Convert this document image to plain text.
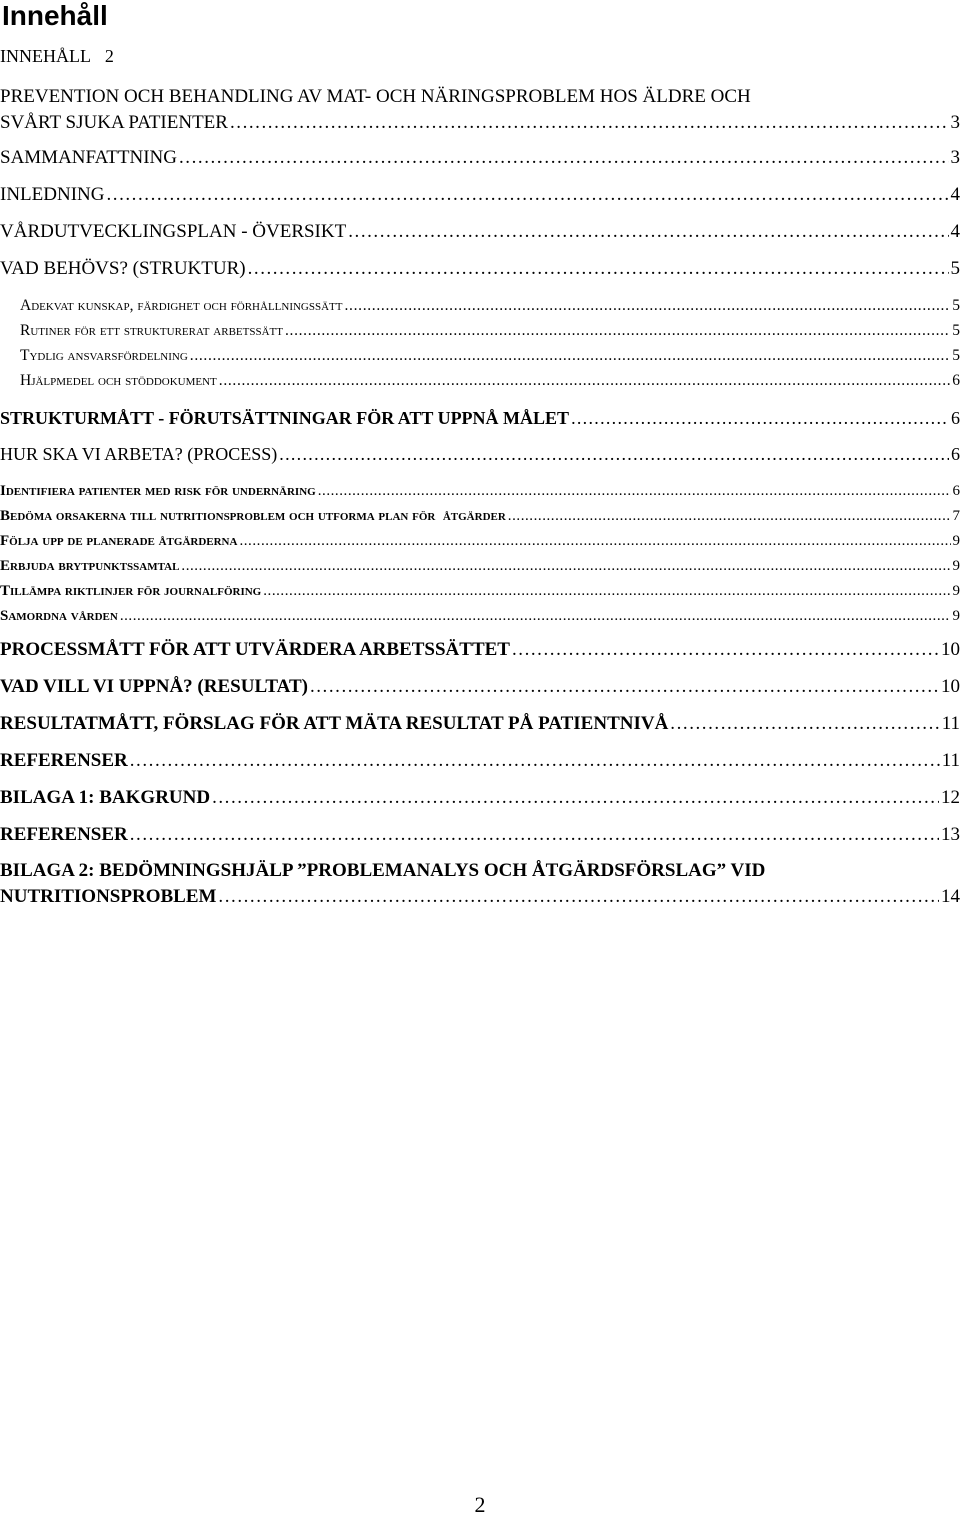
Innehåll
INNEHÅLL 2
PREVENTION OCH BEHANDLING AV MAT- OCH NÄRINGSPROBLEM HOS ÄLDRE OCH
SVÅRT SJUKA PATIENTER . . .	3
SAMMANFATTNING . . .	3
INLEDNING . . .	4
VÅRDUTVECKLINGSPLAN - ÖVERSIKT . . .	4
VAD BEHÖVS? (STRUKTUR) . . .	5
Adekvat kunskap, färdighet och förhållningssätt . . .	5
Rutiner för ett strukturerat arbetssätt . . .	5
Tydlig ansvarsfördelning . . .	5
Hjälpmedel och stöddokument . . .	6
STRUKTURMÅTT - FÖRUTSÄTTNINGAR FÖR ATT UPPNÅ MÅLET . . .	6
HUR SKA VI ARBETA? (PROCESS) . . .	6
Identifiera patienter med risk för undernäring . . .	6
Bedöma orsakerna till nutritionsproblem och utforma plan för  åtgärder . . .	7
Följa upp de planerade åtgärderna . . .	9
Erbjuda brytpunktssamtal . . .	9
Tillämpa riktlinjer för journalföring . . .	9
Samordna vården . . .	9
PROCESSMÅTT FÖR ATT UTVÄRDERA ARBETSSÄTTET . . .	10
VAD VILL VI UPPNÅ? (RESULTAT) . . .	10
RESULTATMÅTT, FÖRSLAG FÖR ATT MÄTA RESULTAT PÅ PATIENTNIVÅ . . .	11
REFERENSER . . .	11
BILAGA 1: BAKGRUND . . .	12
REFERENSER . . .	13
BILAGA 2: BEDÖMNINGSHJÄLP ”PROBLEMANALYS OCH ÅTGÄRDSFÖRSLAG” VID
NUTRITIONSPROBLEM . . .	14
2
